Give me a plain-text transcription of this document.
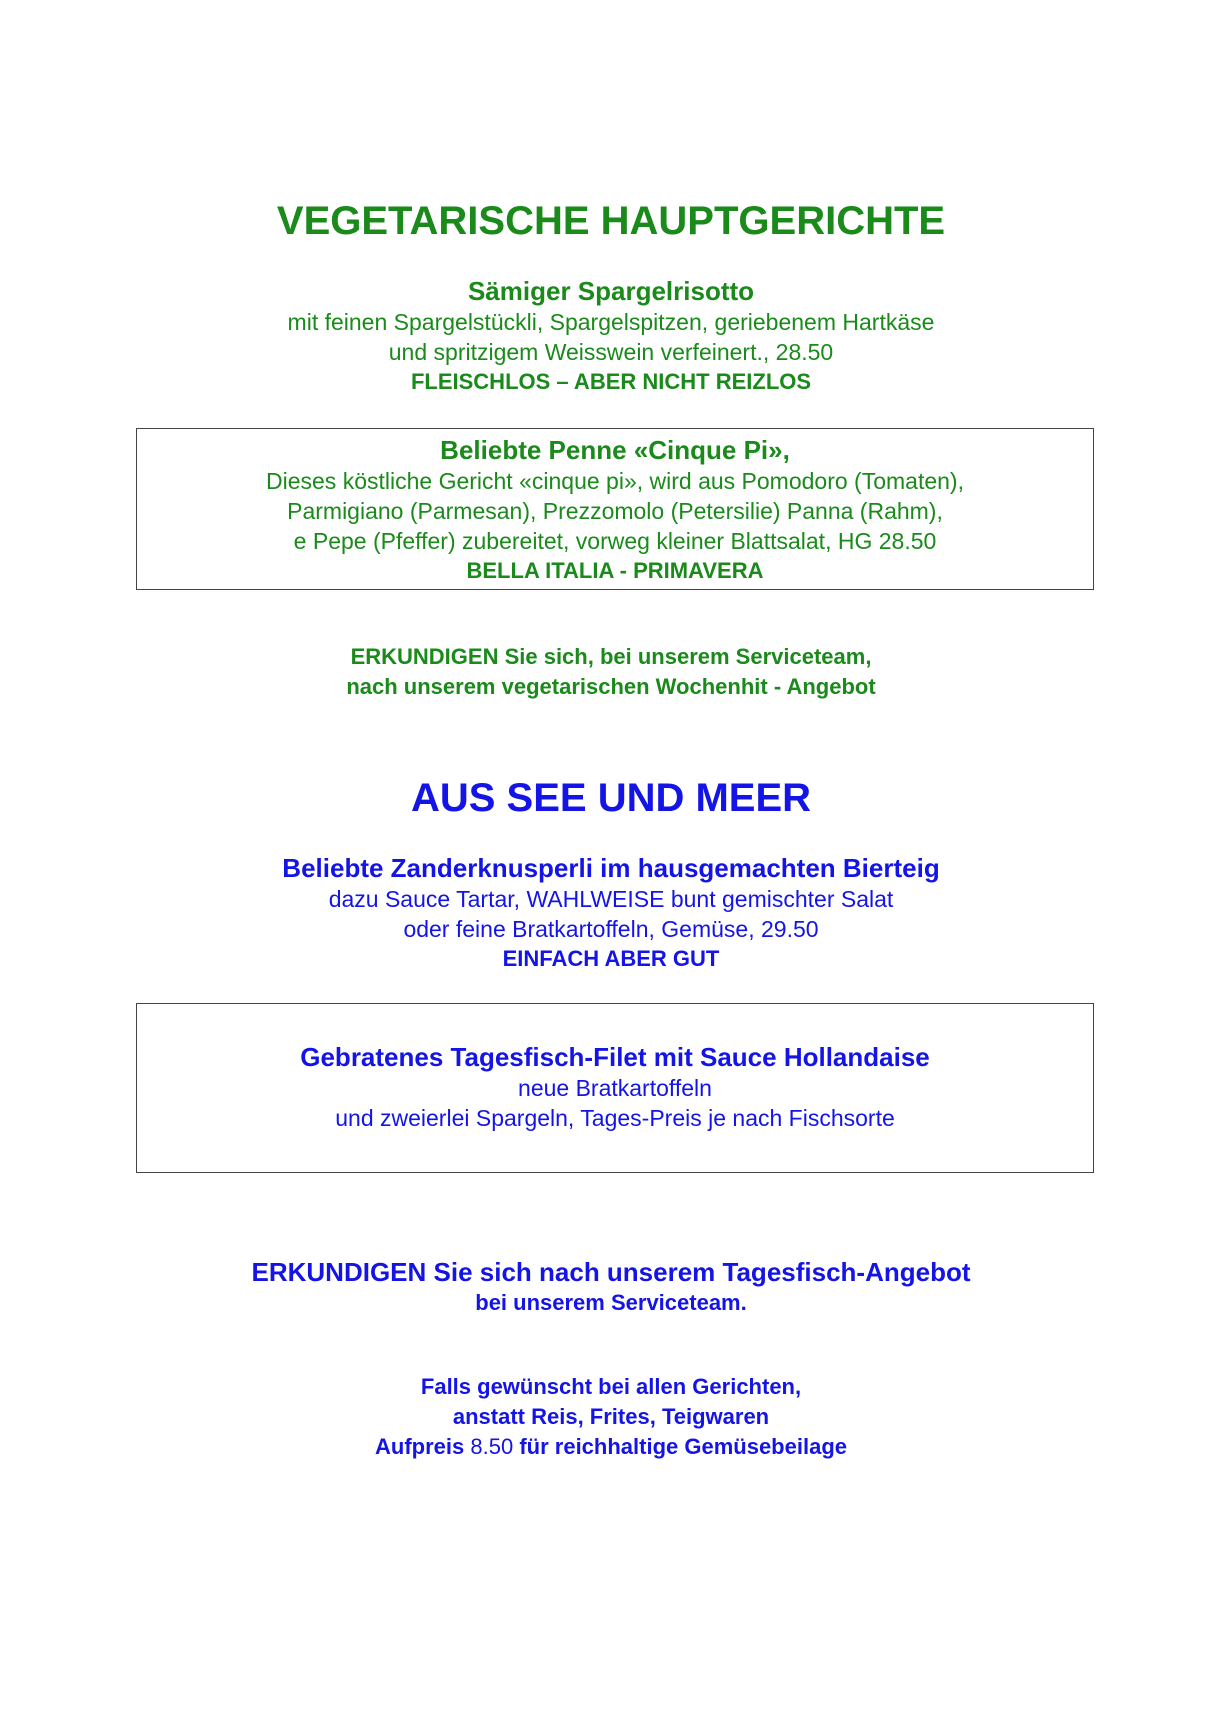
VEGETARISCHE HAUPTGERICHTE
Sämiger Spargelrisotto
mit feinen Spargelstückli, Spargelspitzen, geriebenem Hartkäse
und spritzigem Weisswein verfeinert., 28.50
FLEISCHLOS – ABER NICHT REIZLOS
Beliebte Penne «Cinque Pi»,
Dieses köstliche Gericht «cinque pi», wird aus Pomodoro (Tomaten),
Parmigiano (Parmesan), Prezzomolo (Petersilie) Panna (Rahm),
e Pepe (Pfeffer) zubereitet, vorweg kleiner Blattsalat, HG 28.50
BELLA ITALIA - PRIMAVERA
ERKUNDIGEN Sie sich, bei unserem Serviceteam,
nach unserem vegetarischen Wochenhit - Angebot
AUS SEE UND MEER
Beliebte Zanderknusperli im hausgemachten Bierteig
dazu Sauce Tartar, WAHLWEISE bunt gemischter Salat
oder feine Bratkartoffeln, Gemüse, 29.50
EINFACH ABER GUT
Gebratenes Tagesfisch-Filet mit Sauce Hollandaise
neue Bratkartoffeln
und zweierlei Spargeln, Tages-Preis je nach Fischsorte
ERKUNDIGEN Sie sich nach unserem Tagesfisch-Angebot
bei unserem Serviceteam.
Falls gewünscht bei allen Gerichten,
anstatt Reis, Frites, Teigwaren
Aufpreis 8.50 für reichhaltige Gemüsebeilage
